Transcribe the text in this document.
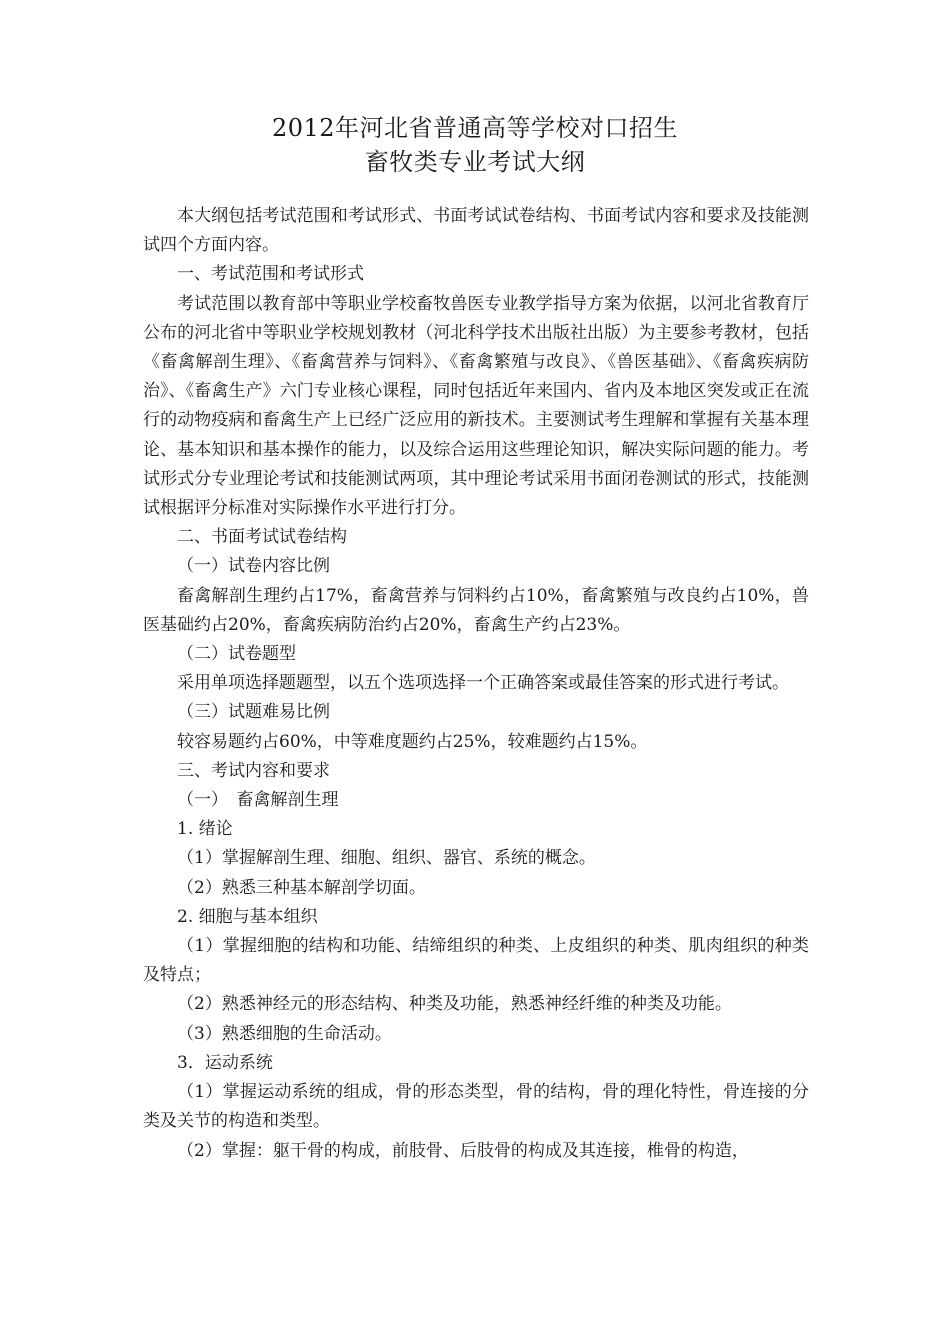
2012年河北省普通高等学校对口招生
畜牧类专业考试大纲

本大纲包括考试范围和考试形式、书面考试试卷结构、书面考试内容和要求及技能测试四个方面内容。

一、考试范围和考试形式

考试范围以教育部中等职业学校畜牧兽医专业教学指导方案为依据，以河北省教育厅公布的河北省中等职业学校规划教材（河北科学技术出版社出版）为主要参考教材，包括《畜禽解剖生理》、《畜禽营养与饲料》、《畜禽繁殖与改良》、《兽医基础》、《畜禽疾病防治》、《畜禽生产》六门专业核心课程，同时包括近年来国内、省内及本地区突发或正在流行的动物疫病和畜禽生产上已经广泛应用的新技术。主要测试考生理解和掌握有关基本理论、基本知识和基本操作的能力，以及综合运用这些理论知识，解决实际问题的能力。考试形式分专业理论考试和技能测试两项，其中理论考试采用书面闭卷测试的形式，技能测试根据评分标准对实际操作水平进行打分。

二、书面考试试卷结构

（一）试卷内容比例

畜禽解剖生理约占17%，畜禽营养与饲料约占10%，畜禽繁殖与改良约占10%，兽医基础约占20%，畜禽疾病防治约占20%，畜禽生产约占23%。

（二）试卷题型

采用单项选择题题型，以五个选项选择一个正确答案或最佳答案的形式进行考试。

（三）试题难易比例

较容易题约占60%，中等难度题约占25%，较难题约占15%。

三、考试内容和要求

（一）　畜禽解剖生理

1. 绪论

（1）掌握解剖生理、细胞、组织、器官、系统的概念。

（2）熟悉三种基本解剖学切面。

2. 细胞与基本组织

（1）掌握细胞的结构和功能、结缔组织的种类、上皮组织的种类、肌肉组织的种类及特点；

（2）熟悉神经元的形态结构、种类及功能，熟悉神经纤维的种类及功能。

（3）熟悉细胞的生命活动。

3．运动系统

（1）掌握运动系统的组成，骨的形态类型，骨的结构，骨的理化特性，骨连接的分类及关节的构造和类型。

（2）掌握：躯干骨的构成，前肢骨、后肢骨的构成及其连接，椎骨的构造，
